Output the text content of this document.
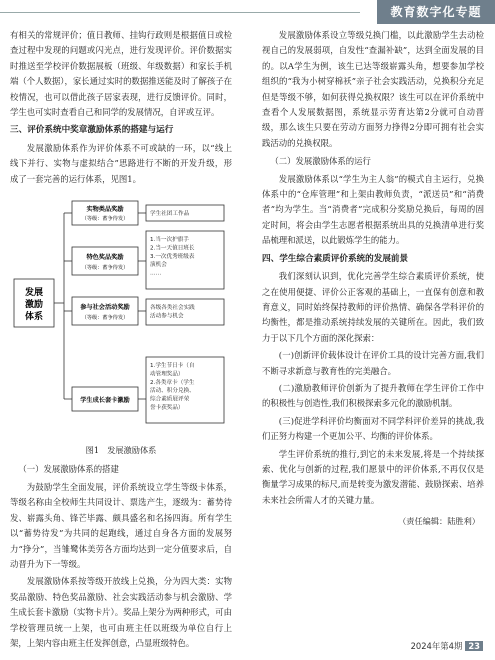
教育数字化专题

有相关的常规评价；值日教师、挂钩行政则是根据值日或检查过程中发现的问题或闪光点，进行发现评价。评价数据实时推送至学校评价数据展板（班级、年级数据）和家长手机端（个人数据），家长通过实时的数据推送能及时了解孩子在校情况，也可以借此孩子居家表现，进行反馈评价。同时，学生也可实时查看自己和同学的发展情况，自评或互评。

三、评价系统中奖章激励体系的搭建与运行

发展激励体系作为评价体系不可或缺的一环，以“线上线下并行、实物与虚拟结合”思路进行不断的开发升级，形成了一套完善的运行体系，见图1。

发展
激励
体系
实物类品奖励
（等级：蓄争待发）
特色奖品奖励
（等级：蓄争待发）
参与社会活动奖励
（等级：蓄争待发）
学生成长套卡激励
学生社团工作品
1.当一次护旗手
2.当一天值日班长
3.一次优秀班级表
演机会
……
各级各类社会实践
活动参与机会
1.学生节日卡（自
动管理奖品）
2.各类章卡（学生
活动、积分兑换、
综合素质展评荣
誉卡获奖品）
图1　发展激励体系
（一）发展激励体系的搭建

为鼓励学生全面发展，评价系统设立学生等级卡体系，等级名称由全校师生共同设计、票选产生，逐级为：蓄势待发、崭露头角、锋芒毕露、颇具盛名和名扬四海。所有学生以“蓄势待发”为共同的起跑线，通过自身各方面的发展努力“挣分”，当雏鹭体美劳各方面均达到一定分值要求后，自动晋升为下一等级。

发展激励体系按等级开放线上兑换，分为四大类：实物奖品激励、特色奖品激励、社会实践活动参与机会激励、学生成长套卡激励（实物卡片）。奖品上架分为两种形式，可由学校管理员统一上架，也可由班主任以班级为单位自行上架，上架内容由班主任发挥创意，凸显班级特色。

发展激励体系设立等级兑换门槛，以此激励学生去动检视自己的发展弱项，自发性“查漏补缺”，达到全面发展的目的。以A学生为例，该生已达等级崭露头角，想要参加学校组织的“我为小树穿棉袄”亲子社会实践活动，兑换积分充足但是等级不够，如何获得兑换权限？该生可以在评价系统中查看个人发展数据图，系统显示劳育达第2分就可自动晋级，那么该生只要在劳动方面努力挣得2分即可拥有社会实践活动的兑换权限。

（二）发展激励体系的运行

发展激励体系以“学生为主人翁”的模式自主运行，兑换体系中的“仓库管理”和上架由教师负责，“派送员”和“消费者”均为学生。当“消费者”完成积分奖励兑换后，每周的固定时间，将会由学生志愿者根据系统出具的兑换清单进行奖品梳理和派送，以此锻炼学生的能力。

四、学生综合素质评价系统的发展前景

我们深刻认识到，优化完善学生综合素质评价系统，使之在使用便捷、评价公正客观的基础上，一直保有创意和教育意义，同时始终保持教师的评价热情、确保各学科评价的均衡性，都是推动系统持续发展的关键所在。因此，我们致力于以下几个方面的深化探索：

(一)创新评价载体设计在评价工具的设计完善方面,我们不断寻求新意与教育性的完美融合。

(二)激励教师评价创新为了提升教师在学生评价工作中的积极性与创造性,我们积极探索多元化的激励机制。

(三)促进学科评价均衡面对不同学科评价差异的挑战,我们正努力构建一个更加公平、均衡的评价体系。

学生评价系统的推行,到它的未来发展,将是一个持续探索、优化与创新的过程,我们愿景中的评价体系,不再仅仅是衡量学习成果的标尺,而是转变为激发潜能、鼓励探索、培养未来社会所需人才的关键力量。

（责任编辑：陆胜利）
2024年第4期 23
